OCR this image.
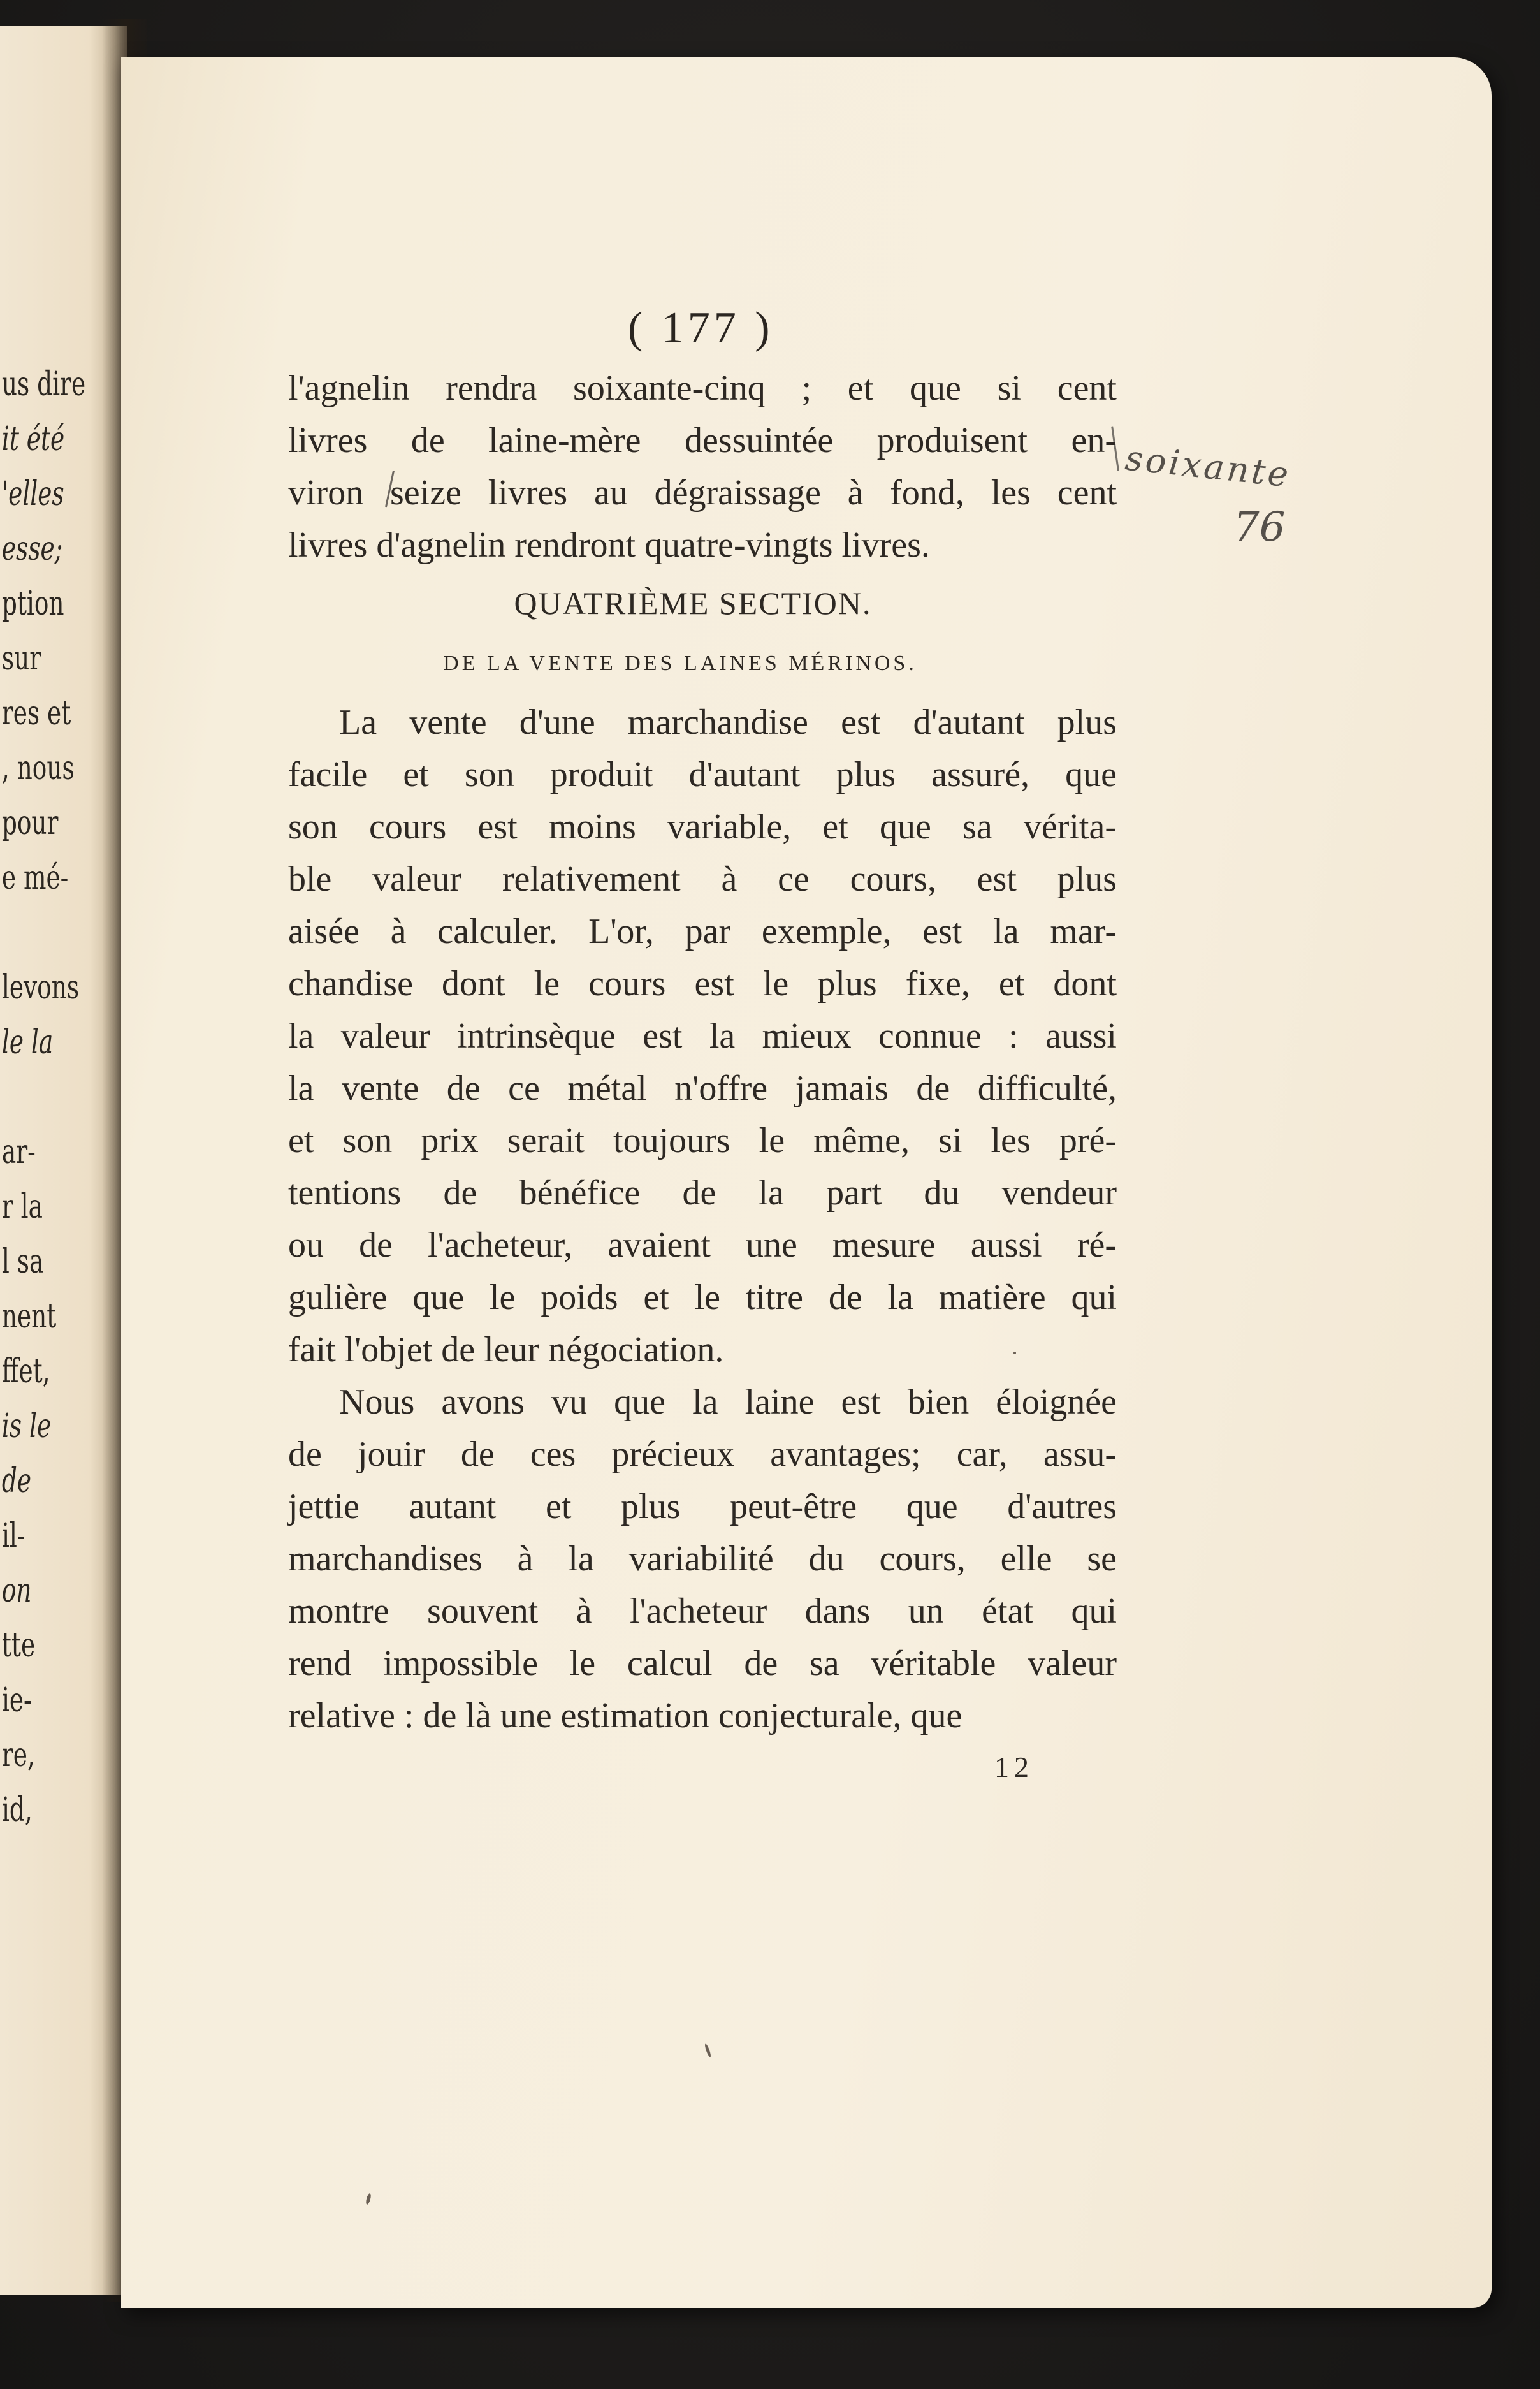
us dire
it été
'elles
esse;
ption
sur
res et
, nous
pour
e mé-
levons
le la
ar-
r la
l sa
nent
ffet,
is le
de
il-
on
tte
ie-
re,
id,
( 177 )
soixante
76
l'agnelin rendra soixante-cinq ; et que si cent
livres de laine-mère dessuintée produisent en-
viron seize livres au dégraissage à fond, les cent
livres d'agnelin rendront quatre-vingts livres.
QUATRIÈME SECTION.
DE LA VENTE DES LAINES MÉRINOS.
La vente d'une marchandise est d'autant plus
facile et son produit d'autant plus assuré, que
son cours est moins variable, et que sa vérita-
ble valeur relativement à ce cours, est plus
aisée à calculer. L'or, par exemple, est la mar-
chandise dont le cours est le plus fixe, et dont
la valeur intrinsèque est la mieux connue : aussi
la vente de ce métal n'offre jamais de difficulté,
et son prix serait toujours le même, si les pré-
tentions de bénéfice de la part du vendeur
ou de l'acheteur, avaient une mesure aussi ré-
gulière que le poids et le titre de la matière qui
fait l'objet de leur négociation.
Nous avons vu que la laine est bien éloignée
de jouir de ces précieux avantages; car, assu-
jettie autant et plus peut-être que d'autres
marchandises à la variabilité du cours, elle se
montre souvent à l'acheteur dans un état qui
rend impossible le calcul de sa véritable valeur
relative : de là une estimation conjecturale, que
12
